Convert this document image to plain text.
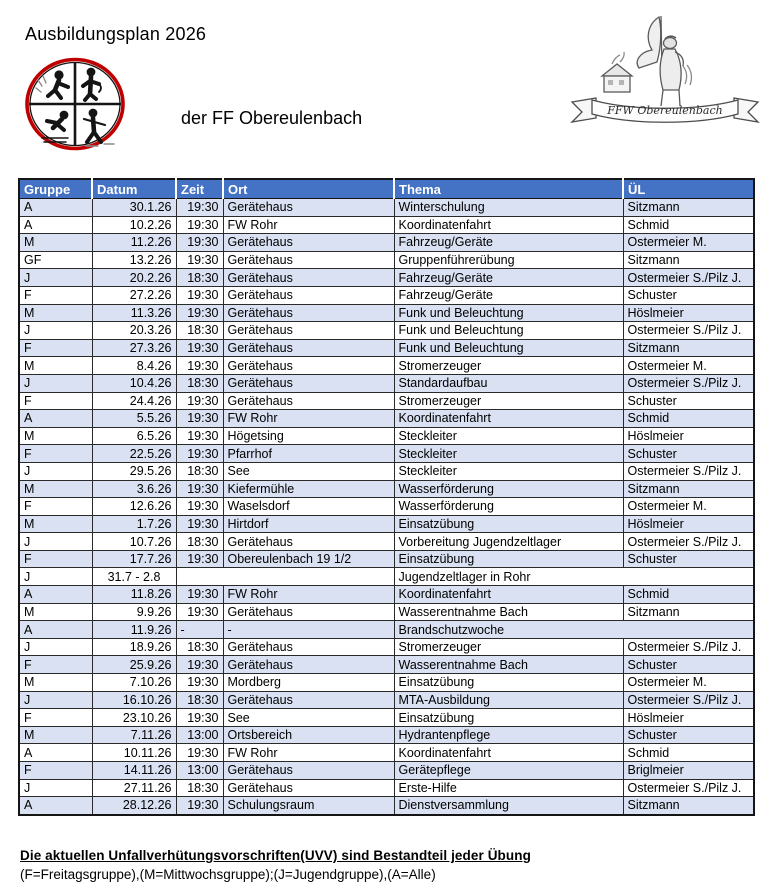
Ausbildungsplan 2026
der FF Obereulenbach	FFW Obereulenbach
Gruppe	Datum	Zeit	Ort	Thema	ÜL
A	30.1.26	19:30	Gerätehaus	Winterschulung	Sitzmann
A	10.2.26	19:30	FW Rohr	Koordinatenfahrt	Schmid
M	11.2.26	19:30	Gerätehaus	Fahrzeug/Geräte	Ostermeier M.
GF	13.2.26	19:30	Gerätehaus	Gruppenführerübung	Sitzmann
J	20.2.26	18:30	Gerätehaus	Fahrzeug/Geräte	Ostermeier S./Pilz J.
F	27.2.26	19:30	Gerätehaus	Fahrzeug/Geräte	Schuster
M	11.3.26	19:30	Gerätehaus	Funk und Beleuchtung	Höslmeier
J	20.3.26	18:30	Gerätehaus	Funk und Beleuchtung	Ostermeier S./Pilz J.
F	27.3.26	19:30	Gerätehaus	Funk und Beleuchtung	Sitzmann
M	8.4.26	19:30	Gerätehaus	Stromerzeuger	Ostermeier M.
J	10.4.26	18:30	Gerätehaus	Standardaufbau	Ostermeier S./Pilz J.
F	24.4.26	19:30	Gerätehaus	Stromerzeuger	Schuster
A	5.5.26	19:30	FW Rohr	Koordinatenfahrt	Schmid
M	6.5.26	19:30	Högetsing	Steckleiter	Höslmeier
F	22.5.26	19:30	Pfarrhof	Steckleiter	Schuster
J	29.5.26	18:30	See	Steckleiter	Ostermeier S./Pilz J.
M	3.6.26	19:30	Kiefermühle	Wasserförderung	Sitzmann
F	12.6.26	19:30	Waselsdorf	Wasserförderung	Ostermeier M.
M	1.7.26	19:30	Hirtdorf	Einsatzübung	Höslmeier
J	10.7.26	18:30	Gerätehaus	Vorbereitung Jugendzeltlager	Ostermeier S./Pilz J.
F	17.7.26	19:30	Obereulenbach 19 1/2	Einsatzübung	Schuster
J	31.7 - 2.8			Jugendzeltlager in Rohr	
A	11.8.26	19:30	FW Rohr	Koordinatenfahrt	Schmid
M	9.9.26	19:30	Gerätehaus	Wasserentnahme Bach	Sitzmann
A	11.9.26	-	-	Brandschutzwoche	
J	18.9.26	18:30	Gerätehaus	Stromerzeuger	Ostermeier S./Pilz J.
F	25.9.26	19:30	Gerätehaus	Wasserentnahme Bach	Schuster
M	7.10.26	19:30	Mordberg	Einsatzübung	Ostermeier M.
J	16.10.26	18:30	Gerätehaus	MTA-Ausbildung	Ostermeier S./Pilz J.
F	23.10.26	19:30	See	Einsatzübung	Höslmeier
M	7.11.26	13:00	Ortsbereich	Hydrantenpflege	Schuster
A	10.11.26	19:30	FW Rohr	Koordinatenfahrt	Schmid
F	14.11.26	13:00	Gerätehaus	Gerätepflege	Briglmeier
J	27.11.26	18:30	Gerätehaus	Erste-Hilfe	Ostermeier S./Pilz J.
A	28.12.26	19:30	Schulungsraum	Dienstversammlung	Sitzmann
Die aktuellen Unfallverhütungsvorschriften(UVV) sind Bestandteil jeder Übung
(F=Freitagsgruppe),(M=Mittwochsgruppe);(J=Jugendgruppe),(A=Alle)
